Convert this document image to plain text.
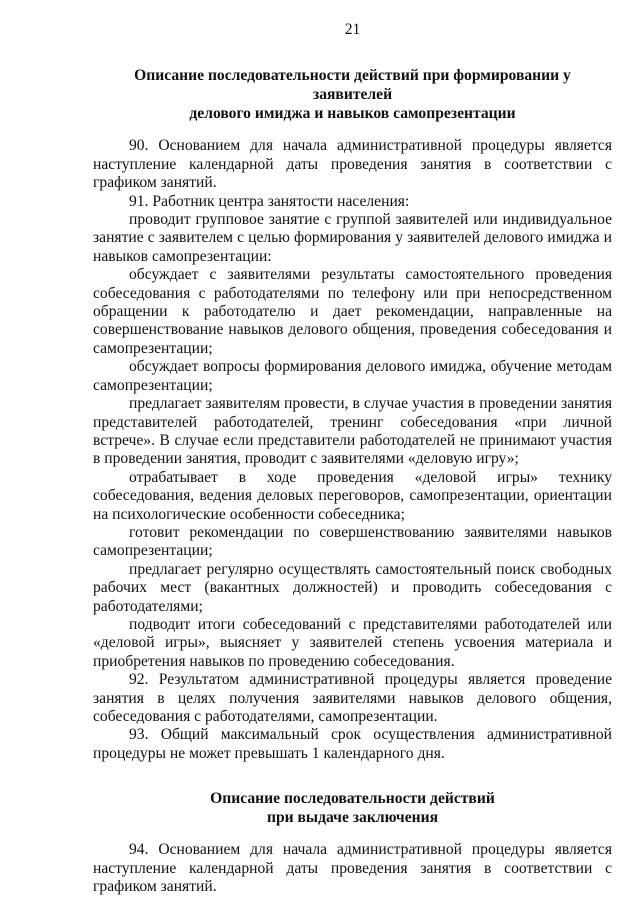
21
Описание последовательности действий при формировании у заявителей
делового имиджа и навыков самопрезентации

90. Основанием для начала административной процедуры является наступление календарной даты проведения занятия в соответствии с графиком занятий.

91. Работник центра занятости населения:

проводит групповое занятие с группой заявителей или индивидуальное занятие с заявителем с целью формирования у заявителей делового имиджа и навыков самопрезентации:

обсуждает с заявителями результаты самостоятельного проведения собеседования с работодателями по телефону или при непосредственном обращении к работодателю и дает рекомендации, направленные на совершенствование навыков делового общения, проведения собеседования и самопрезентации;

обсуждает вопросы формирования делового имиджа, обучение методам самопрезентации;

предлагает заявителям провести, в случае участия в проведении занятия представителей работодателей, тренинг собеседования «при личной встрече». В случае если представители работодателей не принимают участия в проведении занятия, проводит с заявителями «деловую игру»;

отрабатывает в ходе проведения «деловой игры» технику собеседования, ведения деловых переговоров, самопрезентации, ориентации на психологические особенности собеседника;

готовит рекомендации по совершенствованию заявителями навыков самопрезентации;

предлагает регулярно осуществлять самостоятельный поиск свободных рабочих мест (вакантных должностей) и проводить собеседования с работодателями;

подводит итоги собеседований с представителями работодателей или «деловой игры», выясняет у заявителей степень усвоения материала и приобретения навыков по проведению собеседования.

92. Результатом административной процедуры является проведение занятия в целях получения заявителями навыков делового общения, собеседования с работодателями, самопрезентации.

93. Общий максимальный срок осуществления административной процедуры не может превышать 1 календарного дня.

Описание последовательности действий
при выдаче заключения

94. Основанием для начала административной процедуры является наступление календарной даты проведения занятия в соответствии с графиком занятий.
